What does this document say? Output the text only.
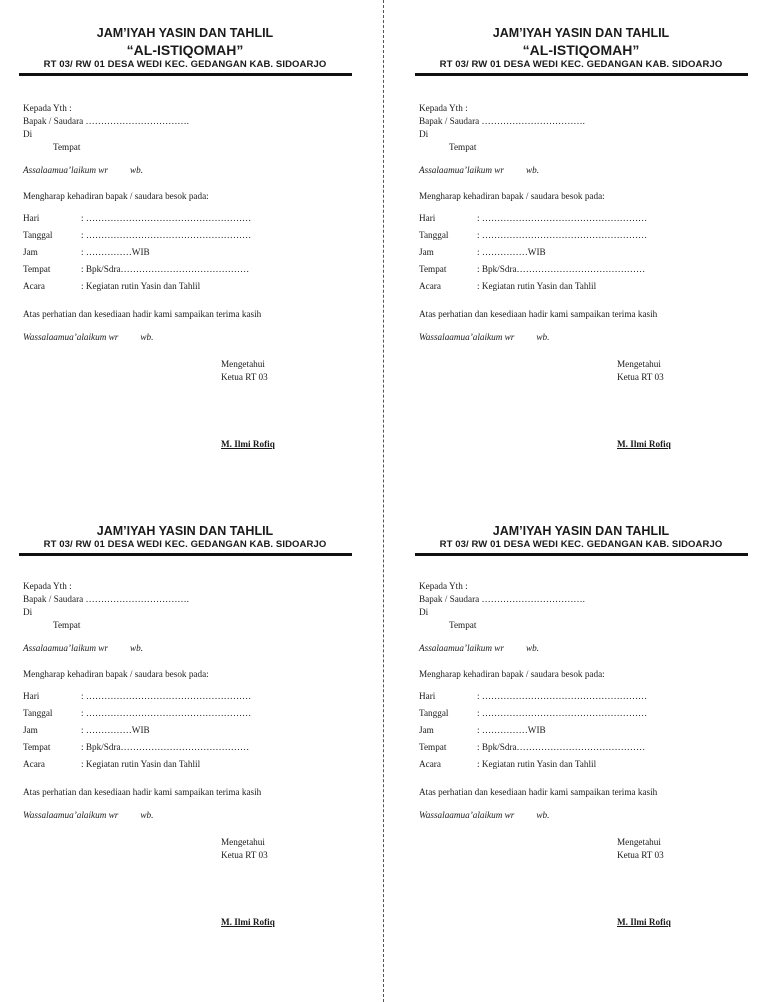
JAM’IYAH YASIN DAN TAHLIL
“AL-ISTIQOMAH”
RT 03/ RW 01 DESA WEDI KEC. GEDANGAN KAB. SIDOARJO
Kepada Yth :
Bapak / Saudara …………………………….
Di
Tempat
Assalaamua’laikum wr wb.
Mengharap kehadiran bapak / saudara besok pada:
Hari	: ………………………………………………
Tanggal	: ………………………………………………
Jam	: ……………WIB
Tempat	: Bpk/Sdra……………………………………
Acara	: Kegiatan rutin Yasin dan Tahlil
Atas perhatian dan kesediaan hadir kami sampaikan terima kasih
Wassalaamua’alaikum wr wb.
Mengetahui
Ketua RT 03
M. Ilmi Rofiq
JAM’IYAH YASIN DAN TAHLIL
“AL-ISTIQOMAH”
RT 03/ RW 01 DESA WEDI KEC. GEDANGAN KAB. SIDOARJO
Kepada Yth :
Bapak / Saudara …………………………….
Di
Tempat
Assalaamua’laikum wr wb.
Mengharap kehadiran bapak / saudara besok pada:
Hari	: ………………………………………………
Tanggal	: ………………………………………………
Jam	: ……………WIB
Tempat	: Bpk/Sdra……………………………………
Acara	: Kegiatan rutin Yasin dan Tahlil
Atas perhatian dan kesediaan hadir kami sampaikan terima kasih
Wassalaamua’alaikum wr wb.
Mengetahui
Ketua RT 03
M. Ilmi Rofiq
JAM’IYAH YASIN DAN TAHLIL
RT 03/ RW 01 DESA WEDI KEC. GEDANGAN KAB. SIDOARJO
Kepada Yth :
Bapak / Saudara …………………………….
Di
Tempat
Assalaamua’laikum wr wb.
Mengharap kehadiran bapak / saudara besok pada:
Hari	: ………………………………………………
Tanggal	: ………………………………………………
Jam	: ……………WIB
Tempat	: Bpk/Sdra……………………………………
Acara	: Kegiatan rutin Yasin dan Tahlil
Atas perhatian dan kesediaan hadir kami sampaikan terima kasih
Wassalaamua’alaikum wr wb.
Mengetahui
Ketua RT 03
M. Ilmi Rofiq
JAM’IYAH YASIN DAN TAHLIL
RT 03/ RW 01 DESA WEDI KEC. GEDANGAN KAB. SIDOARJO
Kepada Yth :
Bapak / Saudara …………………………….
Di
Tempat
Assalaamua’laikum wr wb.
Mengharap kehadiran bapak / saudara besok pada:
Hari	: ………………………………………………
Tanggal	: ………………………………………………
Jam	: ……………WIB
Tempat	: Bpk/Sdra……………………………………
Acara	: Kegiatan rutin Yasin dan Tahlil
Atas perhatian dan kesediaan hadir kami sampaikan terima kasih
Wassalaamua’alaikum wr wb.
Mengetahui
Ketua RT 03
M. Ilmi Rofiq
